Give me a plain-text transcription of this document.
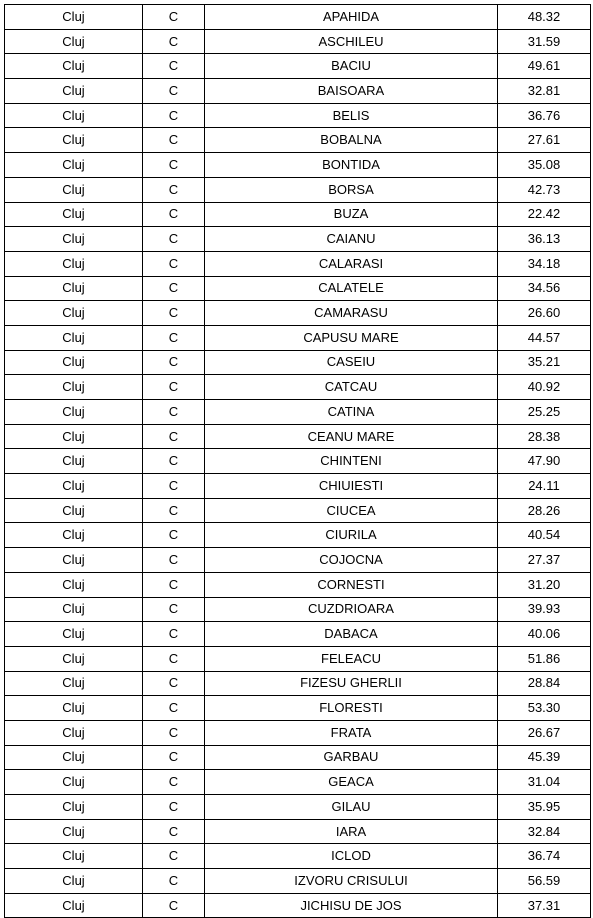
Cluj	C	APAHIDA	48.32
Cluj	C	ASCHILEU	31.59
Cluj	C	BACIU	49.61
Cluj	C	BAISOARA	32.81
Cluj	C	BELIS	36.76
Cluj	C	BOBALNA	27.61
Cluj	C	BONTIDA	35.08
Cluj	C	BORSA	42.73
Cluj	C	BUZA	22.42
Cluj	C	CAIANU	36.13
Cluj	C	CALARASI	34.18
Cluj	C	CALATELE	34.56
Cluj	C	CAMARASU	26.60
Cluj	C	CAPUSU MARE	44.57
Cluj	C	CASEIU	35.21
Cluj	C	CATCAU	40.92
Cluj	C	CATINA	25.25
Cluj	C	CEANU MARE	28.38
Cluj	C	CHINTENI	47.90
Cluj	C	CHIUIESTI	24.11
Cluj	C	CIUCEA	28.26
Cluj	C	CIURILA	40.54
Cluj	C	COJOCNA	27.37
Cluj	C	CORNESTI	31.20
Cluj	C	CUZDRIOARA	39.93
Cluj	C	DABACA	40.06
Cluj	C	FELEACU	51.86
Cluj	C	FIZESU GHERLII	28.84
Cluj	C	FLORESTI	53.30
Cluj	C	FRATA	26.67
Cluj	C	GARBAU	45.39
Cluj	C	GEACA	31.04
Cluj	C	GILAU	35.95
Cluj	C	IARA	32.84
Cluj	C	ICLOD	36.74
Cluj	C	IZVORU CRISULUI	56.59
Cluj	C	JICHISU DE JOS	37.31
